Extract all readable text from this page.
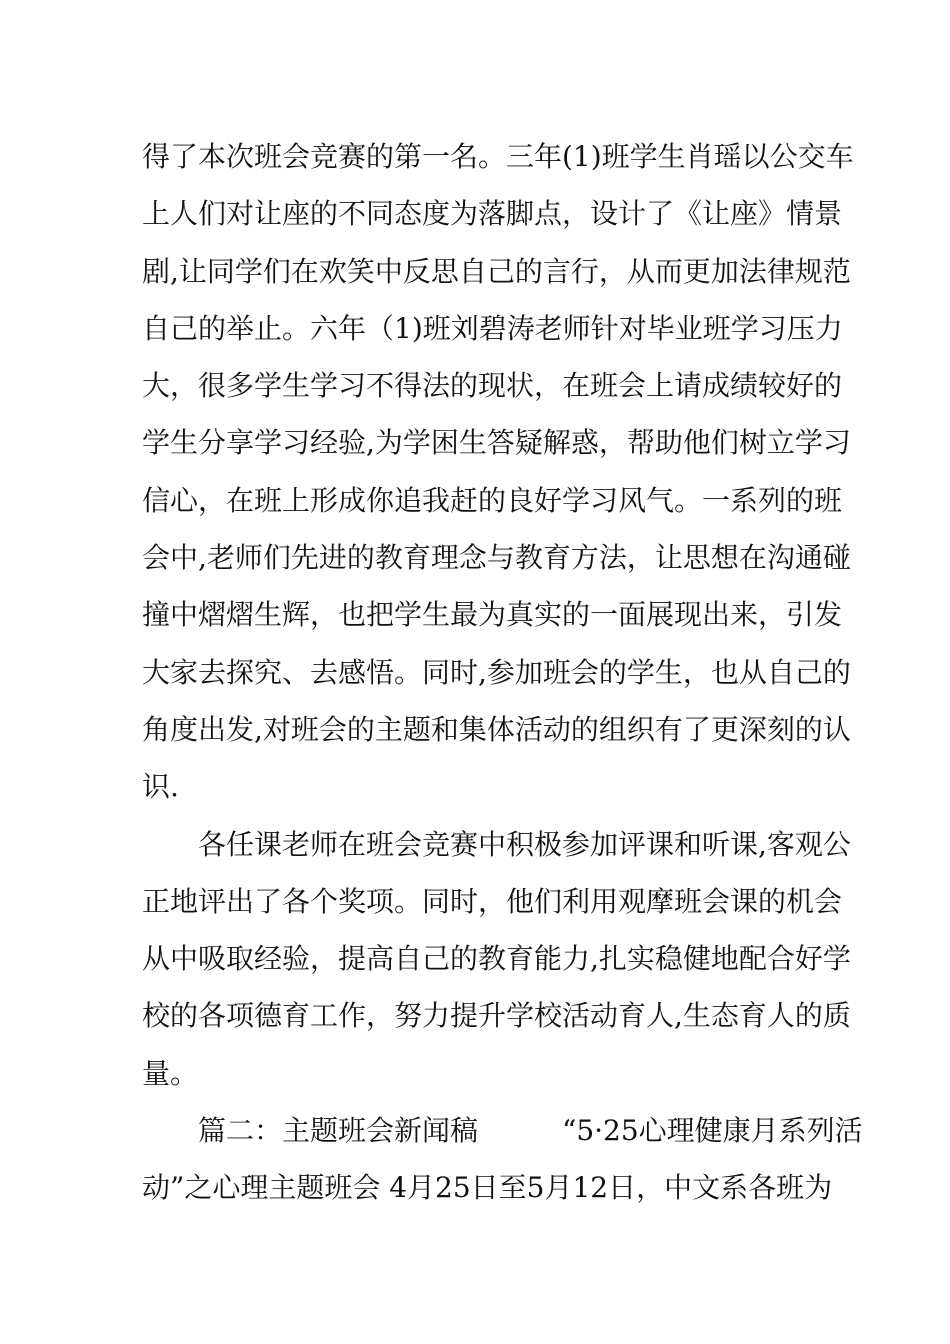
得了本次班会竞赛的第一名。三年(1)班学生肖瑶以公交车
上人们对让座的不同态度为落脚点，设计了《让座》情景
剧,让同学们在欢笑中反思自己的言行，从而更加法律规范
自己的举止。六年（1)班刘碧涛老师针对毕业班学习压力
大，很多学生学习不得法的现状，在班会上请成绩较好的
学生分享学习经验,为学困生答疑解惑，帮助他们树立学习
信心，在班上形成你追我赶的良好学习风气。一系列的班
会中,老师们先进的教育理念与教育方法，让思想在沟通碰
撞中熠熠生辉，也把学生最为真实的一面展现出来，引发
大家去探究、去感悟。同时,参加班会的学生，也从自己的
角度出发,对班会的主题和集体活动的组织有了更深刻的认
识.
各任课老师在班会竞赛中积极参加评课和听课,客观公
正地评出了各个奖项。同时，他们利用观摩班会课的机会
从中吸取经验，提高自己的教育能力,扎实稳健地配合好学
校的各项德育工作，努力提升学校活动育人,生态育人的质
量。
篇二：主题班会新闻稿　　　“5·25心理健康月系列活
动”之心理主题班会 4月25日至5月12日，中文系各班为
